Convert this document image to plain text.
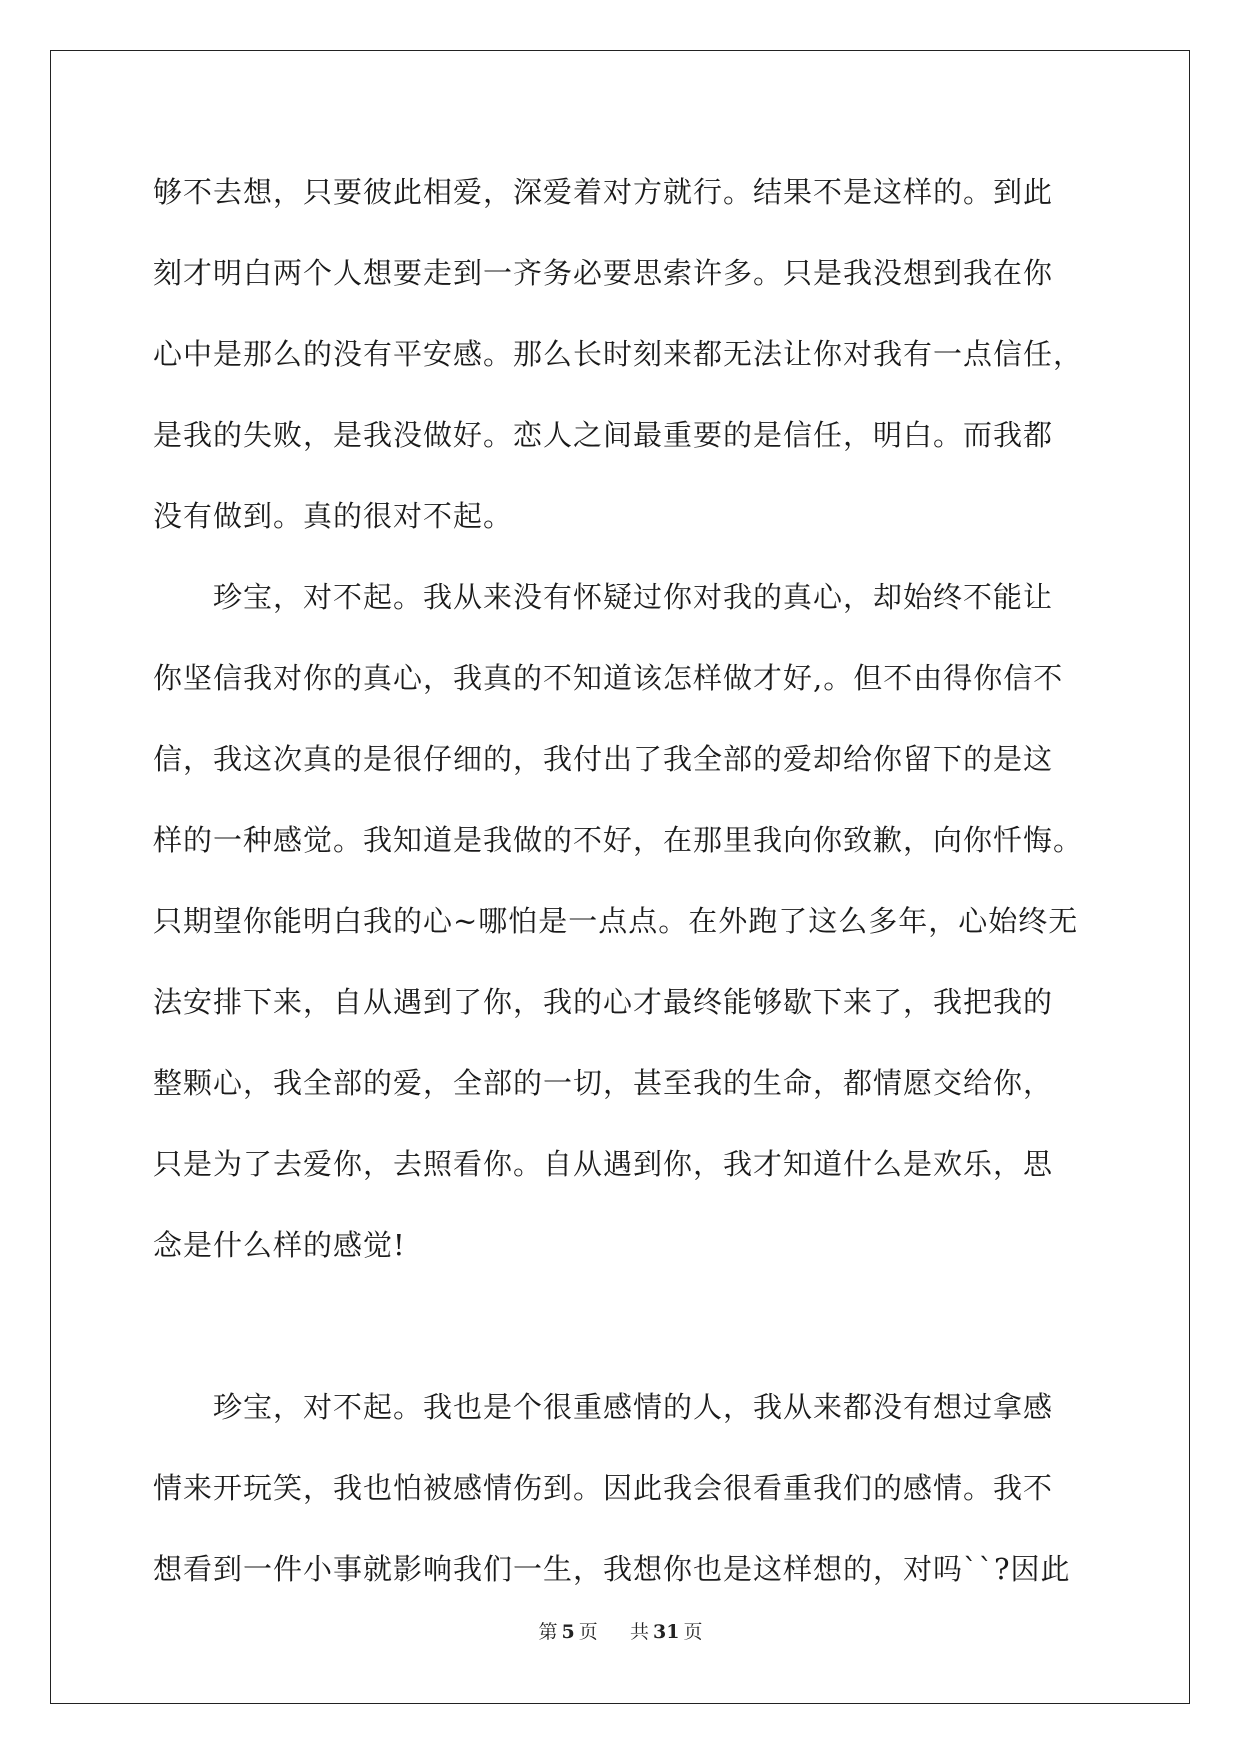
够不去想，只要彼此相爱，深爱着对方就行。结果不是这样的。到此
刻才明白两个人想要走到一齐务必要思索许多。只是我没想到我在你
心中是那么的没有平安感。那么长时刻来都无法让你对我有一点信任，
是我的失败，是我没做好。恋人之间最重要的是信任，明白。而我都
没有做到。真的很对不起。
珍宝，对不起。我从来没有怀疑过你对我的真心，却始终不能让
你坚信我对你的真心，我真的不知道该怎样做才好,。但不由得你信不
信，我这次真的是很仔细的，我付出了我全部的爱却给你留下的是这
样的一种感觉。我知道是我做的不好，在那里我向你致歉，向你忏悔。
只期望你能明白我的心~哪怕是一点点。在外跑了这么多年，心始终无
法安排下来，自从遇到了你，我的心才最终能够歇下来了，我把我的
整颗心，我全部的爱，全部的一切，甚至我的生命，都情愿交给你，
只是为了去爱你，去照看你。自从遇到你，我才知道什么是欢乐，思
念是什么样的感觉!
珍宝，对不起。我也是个很重感情的人，我从来都没有想过拿感
情来开玩笑，我也怕被感情伤到。因此我会很看重我们的感情。我不
想看到一件小事就影响我们一生，我想你也是这样想的，对吗``?因此
第 5 页 共 31 页
